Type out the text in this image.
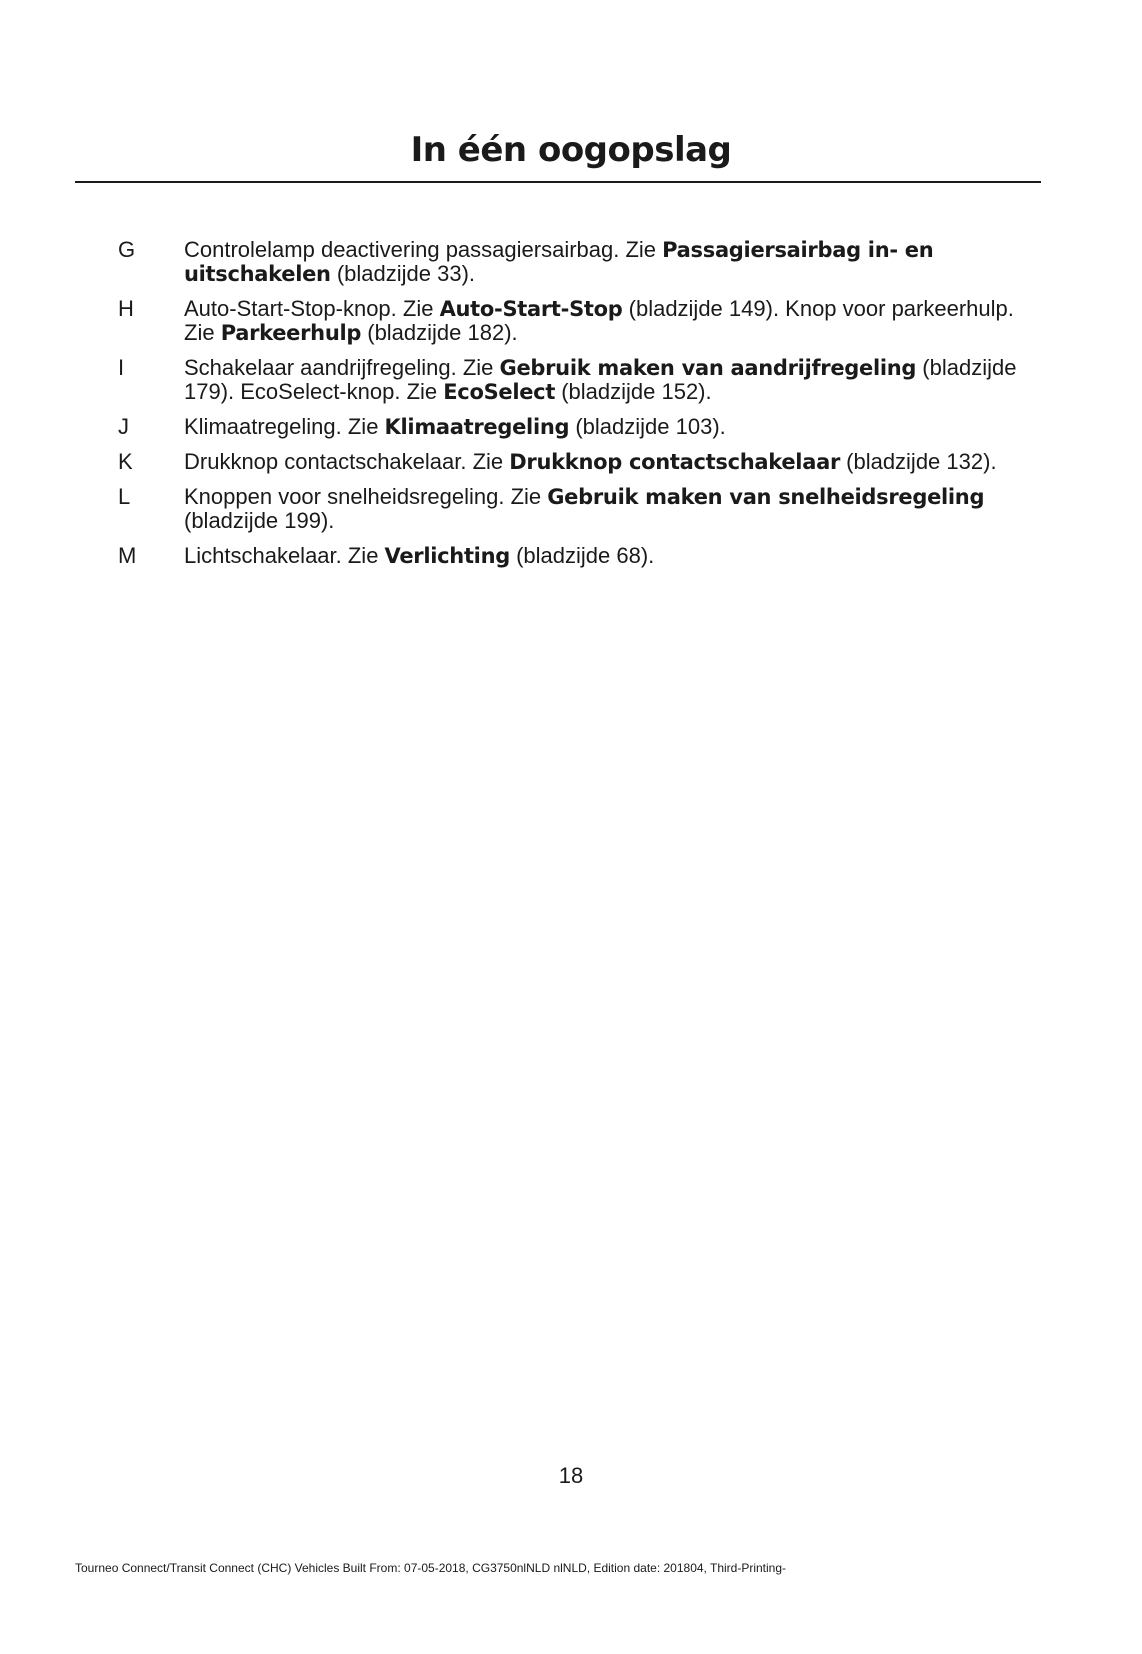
In één oogopslag
G	Controlelamp deactivering passagiersairbag. Zie Passagiersairbag in- en uitschakelen (bladzijde 33).
H	Auto-Start-Stop-knop. Zie Auto-Start-Stop (bladzijde 149). Knop voor parkeerhulp. Zie Parkeerhulp (bladzijde 182).
I	Schakelaar aandrijfregeling. Zie Gebruik maken van aandrijfregeling (bladzijde 179). EcoSelect-knop. Zie EcoSelect (bladzijde 152).
J	Klimaatregeling. Zie Klimaatregeling (bladzijde 103).
K	Drukknop contactschakelaar. Zie Drukknop contactschakelaar (bladzijde 132).
L	Knoppen voor snelheidsregeling. Zie Gebruik maken van snelheidsregeling (bladzijde 199).
M	Lichtschakelaar. Zie Verlichting (bladzijde 68).
18
Tourneo Connect/Transit Connect (CHC) Vehicles Built From: 07-05-2018, CG3750nlNLD nlNLD, Edition date: 201804, Third-Printing-
